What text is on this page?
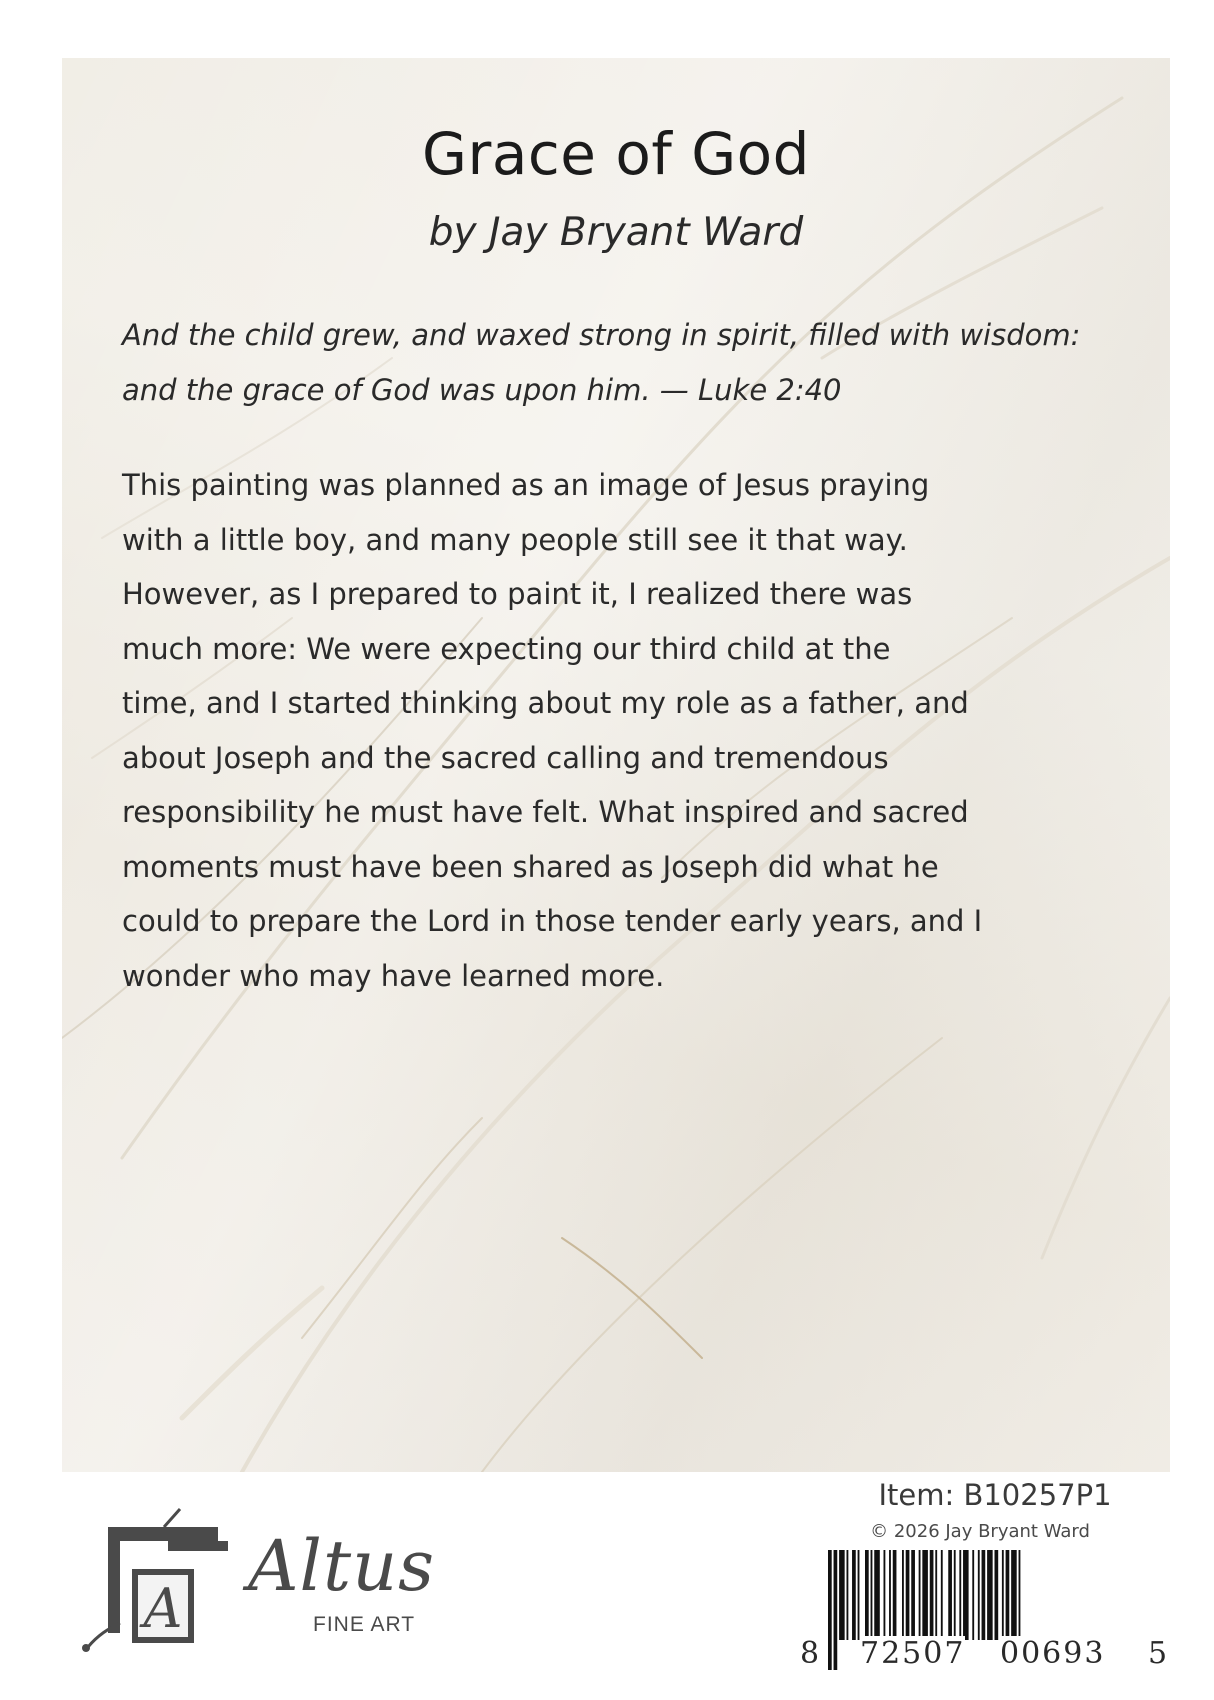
Grace of God

by Jay Bryant Ward

And the child grew, and waxed strong in spirit, filled with wisdom: and the grace of God was upon him. — Luke 2:40

This painting was planned as an image of Jesus praying
with a little boy, and many people still see it that way.
However, as I prepared to paint it, I realized there was
much more: We were expecting our third child at the
time, and I started thinking about my role as a father, and
about Joseph and the sacred calling and tremendous
responsibility he must have felt. What inspired and sacred
moments must have been shared as Joseph did what he
could to prepare the Lord in those tender early years, and I
wonder who may have learned more.
A
Altus
FINE ART
Item: B10257P1
© 2026 Jay Bryant Ward
8 72507 00693 5
